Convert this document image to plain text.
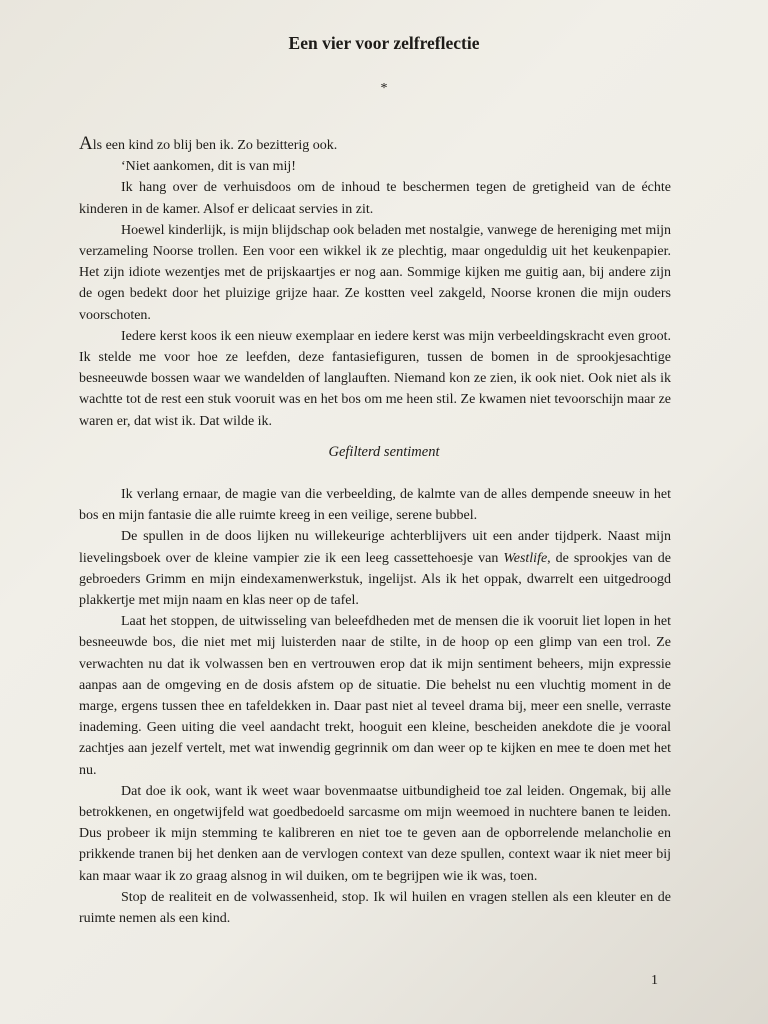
Een vier voor zelfreflectie
*

Als een kind zo blij ben ik. Zo bezitterig ook.

‘Niet aankomen, dit is van mij!

Ik hang over de verhuisdoos om de inhoud te beschermen tegen de gretigheid van de échte kinderen in de kamer. Alsof er delicaat servies in zit.

Hoewel kinderlijk, is mijn blijdschap ook beladen met nostalgie, vanwege de hereniging met mijn verzameling Noorse trollen. Een voor een wikkel ik ze plechtig, maar ongeduldig uit het keukenpapier. Het zijn idiote wezentjes met de prijskaartjes er nog aan. Sommige kijken me guitig aan, bij andere zijn de ogen bedekt door het pluizige grijze haar. Ze kostten veel zakgeld, Noorse kronen die mijn ouders voorschoten.

Iedere kerst koos ik een nieuw exemplaar en iedere kerst was mijn verbeeldingskracht even groot. Ik stelde me voor hoe ze leefden, deze fantasiefiguren, tussen de bomen in de sprookjesachtige besneeuwde bossen waar we wandelden of langlauften. Niemand kon ze zien, ik ook niet. Ook niet als ik wachtte tot de rest een stuk vooruit was en het bos om me heen stil. Ze kwamen niet tevoorschijn maar ze waren er, dat wist ik. Dat wilde ik.

Gefilterd sentiment

Ik verlang ernaar, de magie van die verbeelding, de kalmte van de alles dempende sneeuw in het bos en mijn fantasie die alle ruimte kreeg in een veilige, serene bubbel.

De spullen in de doos lijken nu willekeurige achterblijvers uit een ander tijdperk. Naast mijn lievelingsboek over de kleine vampier zie ik een leeg cassettehoesje van Westlife, de sprookjes van de gebroeders Grimm en mijn eindexamenwerkstuk, ingelijst. Als ik het oppak, dwarrelt een uitgedroogd plakkertje met mijn naam en klas neer op de tafel.

Laat het stoppen, de uitwisseling van beleefdheden met de mensen die ik vooruit liet lopen in het besneeuwde bos, die niet met mij luisterden naar de stilte, in de hoop op een glimp van een trol. Ze verwachten nu dat ik volwassen ben en vertrouwen erop dat ik mijn sentiment beheers, mijn expressie aanpas aan de omgeving en de dosis afstem op de situatie. Die behelst nu een vluchtig moment in de marge, ergens tussen thee en tafeldekken in. Daar past niet al teveel drama bij, meer een snelle, verraste inademing. Geen uiting die veel aandacht trekt, hooguit een kleine, bescheiden anekdote die je vooral zachtjes aan jezelf vertelt, met wat inwendig gegrinnik om dan weer op te kijken en mee te doen met het nu.

Dat doe ik ook, want ik weet waar bovenmaatse uitbundigheid toe zal leiden. Ongemak, bij alle betrokkenen, en ongetwijfeld wat goedbedoeld sarcasme om mijn weemoed in nuchtere banen te leiden. Dus probeer ik mijn stemming te kalibreren en niet toe te geven aan de opborrelende melancholie en prikkende tranen bij het denken aan de vervlogen context van deze spullen, context waar ik niet meer bij kan maar waar ik zo graag alsnog in wil duiken, om te begrijpen wie ik was, toen.

Stop de realiteit en de volwassenheid, stop. Ik wil huilen en vragen stellen als een kleuter en de ruimte nemen als een kind.

1
